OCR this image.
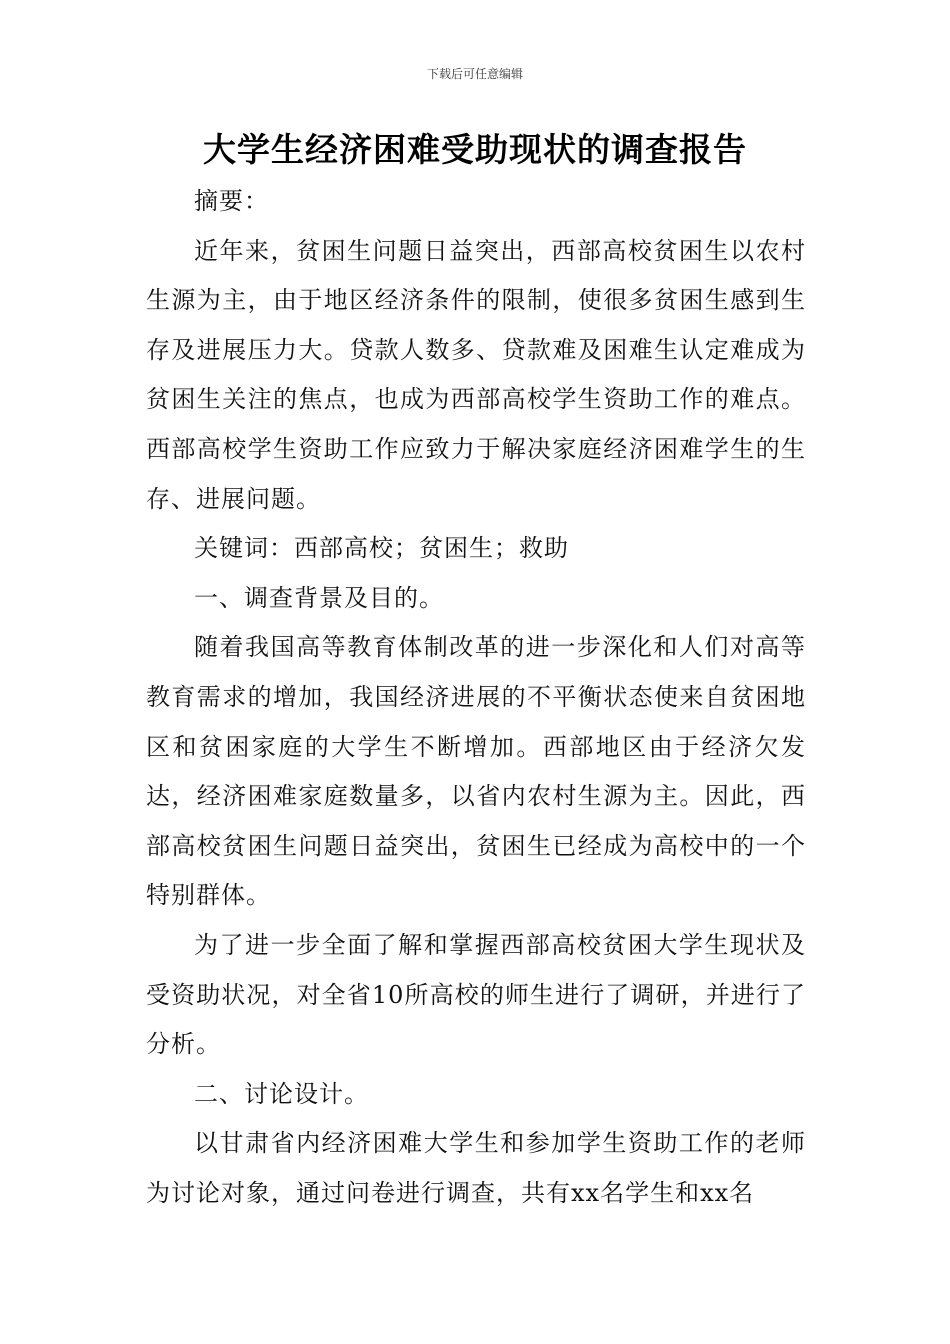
下载后可任意编辑
大学生经济困难受助现状的调查报告

摘要：

近年来，贫困生问题日益突出，西部高校贫困生以农村生源为主，由于地区经济条件的限制，使很多贫困生感到生存及进展压力大。贷款人数多、贷款难及困难生认定难成为贫困生关注的焦点，也成为西部高校学生资助工作的难点。西部高校学生资助工作应致力于解决家庭经济困难学生的生存、进展问题。

关键词：西部高校；贫困生；救助

一、调查背景及目的。

随着我国高等教育体制改革的进一步深化和人们对高等教育需求的增加，我国经济进展的不平衡状态使来自贫困地区和贫困家庭的大学生不断增加。西部地区由于经济欠发达，经济困难家庭数量多，以省内农村生源为主。因此，西部高校贫困生问题日益突出，贫困生已经成为高校中的一个特别群体。

为了进一步全面了解和掌握西部高校贫困大学生现状及受资助状况，对全省10所高校的师生进行了调研，并进行了分析。

二、讨论设计。

以甘肃省内经济困难大学生和参加学生资助工作的老师为讨论对象，通过问卷进行调查，共有xx名学生和xx名
